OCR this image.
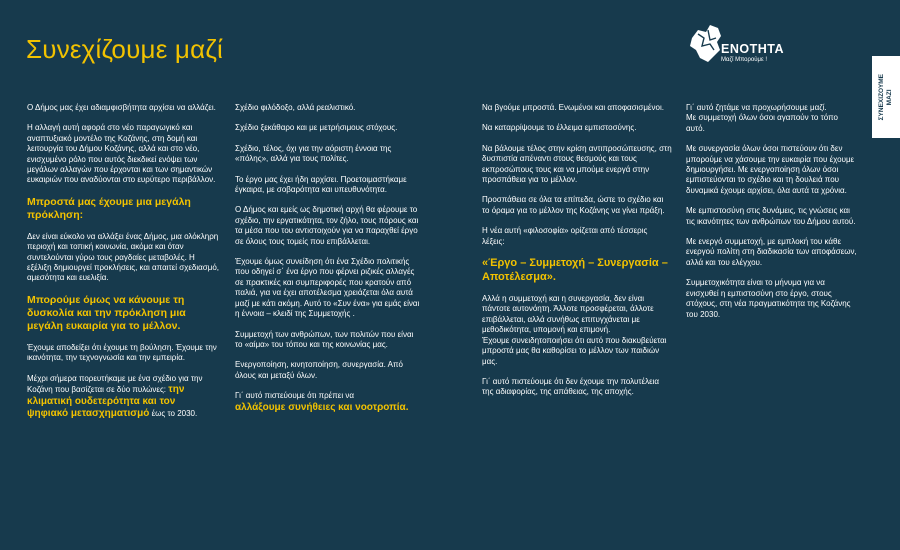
Συνεχίζουμε μαζί	ΕΝΟΤΗΤΑ
Μαζί Μπορούμε !
ΣΥΝΕΧΙΖΟΥΜΕ
ΜΑΖΙ

Ο Δήμος μας έχει αδιαμφισβήτητα αρχίσει να αλλάζει.

Η αλλαγή αυτή αφορά στο νέο παραγωγικό και αναπτυξιακό μοντέλο της Κοζάνης, στη δομή και λειτουργία του Δήμου Κοζάνης, αλλά και στο νέο, ενισχυμένο ρόλο που αυτός διεκδικεί ενόψει των μεγάλων αλλαγών που έρχονται και των σημαντικών ευκαιριών που αναδύονται στο ευρύτερο περιβάλλον.

Μπροστά μας έχουμε μια μεγάλη πρόκληση:

Δεν είναι εύκολο να αλλάξει ένας Δήμος, μια ολόκληρη περιοχή και τοπική κοινωνία, ακόμα και όταν συντελούνται γύρω τους ραγδαίες μεταβολές. Η εξέλιξη δημιουργεί προκλήσεις, και απαιτεί σχεδιασμό, αμεσότητα και ευελιξία.

Μπορούμε όμως να κάνουμε τη δυσκολία και την πρόκληση μια μεγάλη ευκαιρία για το μέλλον.

Έχουμε αποδείξει ότι έχουμε τη βούληση. Έχουμε την ικανότητα, την τεχνογνωσία και την εμπειρία.

Μέχρι σήμερα πορευτήκαμε με ένα σχέδιο για την Κοζάνη που βασίζεται σε δύο πυλώνες: την κλιματική ουδετερότητα και τον ψηφιακό μετασχηματισμό έως το 2030.

Σχέδιο φιλόδοξο, αλλά ρεαλιστικό.

Σχέδιο ξεκάθαρο και με μετρήσιμους στόχους.

Σχέδιο, τέλος, όχι για την αόριστη έννοια της «πόλης», αλλά για τους πολίτες.

Το έργο μας έχει ήδη αρχίσει. Προετοιμαστήκαμε έγκαιρα, με σοβαρότητα και υπευθυνότητα.

Ο Δήμος και εμείς ως δημοτική αρχή θα φέρουμε το σχέδιο, την εργατικότητα, τον ζήλο, τους πόρους και τα μέσα που του αντιστοιχούν για να παραχθεί έργο σε όλους τους τομείς που επιβάλλεται.

Έχουμε όμως συνείδηση ότι ένα Σχέδιο πολιτικής που οδηγεί σ΄ ένα έργο που φέρνει ριζικές αλλαγές σε πρακτικές και συμπεριφορές που κρατούν από παλιά, για να έχει αποτέλεσμα χρειάζεται όλα αυτά μαζί με κάτι ακόμη. Αυτό το «Συν ένα» για εμάς είναι η έννοια – κλειδί της Συμμετοχής .

Συμμετοχή των ανθρώπων, των πολιτών που είναι το «αίμα» του τόπου και της κοινωνίας μας.

Ενεργοποίηση, κινητοποίηση, συνεργασία. Από όλους και μεταξύ όλων.

Γι΄ αυτό πιστεύουμε ότι πρέπει να
αλλάξουμε συνήθειες και νοοτροπία.

Να βγούμε μπροστά. Ενωμένοι και αποφασισμένοι.

Να καταρρίψουμε το έλλειμα εμπιστοσύνης.

Να βάλουμε τέλος στην κρίση αντιπροσώπευσης, στη δυσπιστία απέναντι στους θεσμούς και τους εκπροσώπους τους και να μπούμε ενεργά στην προσπάθεια για το μέλλον.

Προσπάθεια σε όλα τα επίπεδα, ώστε το σχέδιο και το όραμα για το μέλλον της Κοζάνης να γίνει πράξη.

Η νέα αυτή «φιλοσοφία» ορίζεται από τέσσερις λέξεις:

«Έργο – Συμμετοχή – Συνεργασία – Αποτέλεσμα».

Αλλά η συμμετοχή και η συνεργασία, δεν είναι πάντοτε αυτονόητη. Άλλοτε προσφέρεται, άλλοτε επιβάλλεται, αλλά συνήθως επιτυγχάνεται με μεθοδικότητα, υπομονή και επιμονή.

Έχουμε συνειδητοποιήσει ότι αυτό που διακυβεύεται μπροστά μας θα καθορίσει το μέλλον των παιδιών μας.

Γι΄ αυτό πιστεύουμε ότι δεν έχουμε την πολυτέλεια της αδιαφορίας, της απάθειας, της αποχής.

Γι΄ αυτό ζητάμε να προχωρήσουμε μαζί.
Με συμμετοχή όλων όσοι αγαπούν το τόπο αυτό.

Με συνεργασία όλων όσοι πιστεύουν ότι δεν μπορούμε να χάσουμε την ευκαιρία που έχουμε δημιουργήσει. Με ενεργοποίηση όλων όσοι εμπιστεύονται το σχέδιο και τη δουλειά που δυναμικά έχουμε αρχίσει, όλα αυτά τα χρόνια.

Με εμπιστοσύνη στις δυνάμεις, τις γνώσεις και τις ικανότητες των ανθρώπων του Δήμου αυτού.

Με ενεργό συμμετοχή, με εμπλοκή του κάθε ενεργού πολίτη στη διαδικασία των αποφάσεων, αλλά και του ελέγχου.

Συμμετοχικότητα είναι το μήνυμα για να ενισχυθεί η εμπιστοσύνη στο έργο, στους στόχους, στη νέα πραγματικότητα της Κοζάνης του 2030.
